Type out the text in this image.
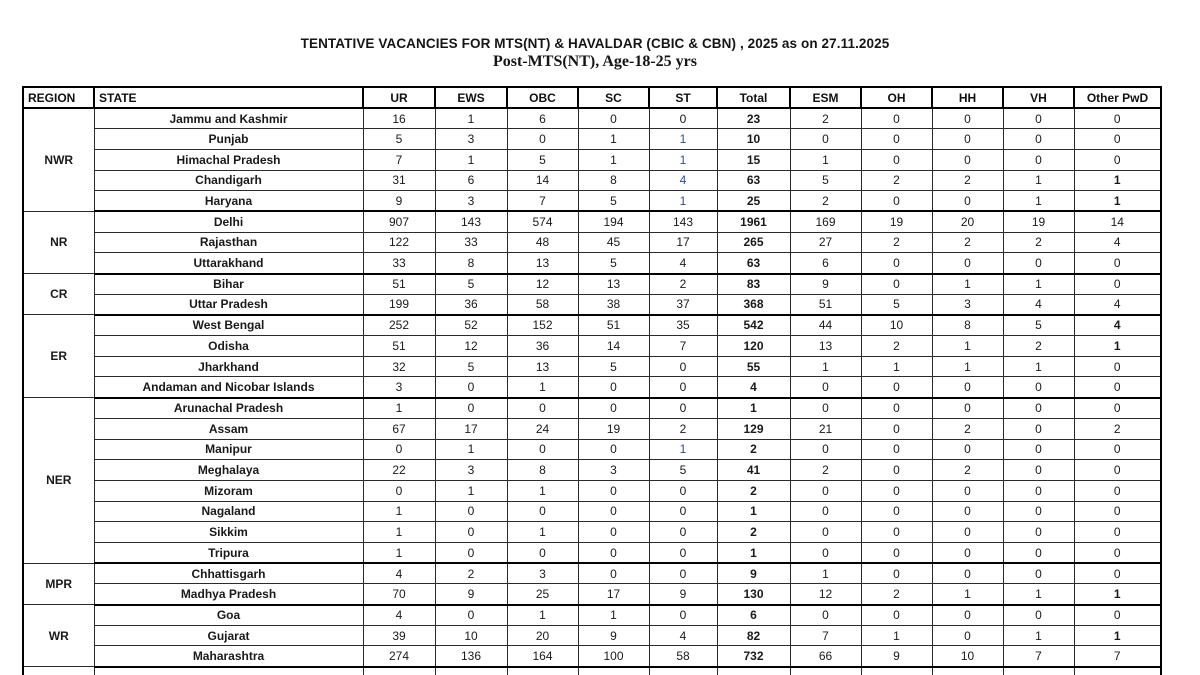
TENTATIVE VACANCIES FOR MTS(NT) & HAVALDAR (CBIC & CBN) , 2025 as on 27.11.2025
Post-MTS(NT), Age-18-25 yrs
REGION	STATE	UR	EWS	OBC	SC	ST	Total	ESM	OH	HH	VH	Other PwD
NWR	Jammu and Kashmir	16	1	6	0	0	23	2	0	0	0	0
	Punjab	5	3	0	1	1	10	0	0	0	0	0
	Himachal Pradesh	7	1	5	1	1	15	1	0	0	0	0
	Chandigarh	31	6	14	8	4	63	5	2	2	1	1
	Haryana	9	3	7	5	1	25	2	0	0	1	1
NR	Delhi	907	143	574	194	143	1961	169	19	20	19	14
	Rajasthan	122	33	48	45	17	265	27	2	2	2	4
	Uttarakhand	33	8	13	5	4	63	6	0	0	0	0
CR	Bihar	51	5	12	13	2	83	9	0	1	1	0
	Uttar Pradesh	199	36	58	38	37	368	51	5	3	4	4
ER	West Bengal	252	52	152	51	35	542	44	10	8	5	4
	Odisha	51	12	36	14	7	120	13	2	1	2	1
	Jharkhand	32	5	13	5	0	55	1	1	1	1	0
	Andaman and Nicobar Islands	3	0	1	0	0	4	0	0	0	0	0
NER	Arunachal Pradesh	1	0	0	0	0	1	0	0	0	0	0
	Assam	67	17	24	19	2	129	21	0	2	0	2
	Manipur	0	1	0	0	1	2	0	0	0	0	0
	Meghalaya	22	3	8	3	5	41	2	0	2	0	0
	Mizoram	0	1	1	0	0	2	0	0	0	0	0
	Nagaland	1	0	0	0	0	1	0	0	0	0	0
	Sikkim	1	0	1	0	0	2	0	0	0	0	0
	Tripura	1	0	0	0	0	1	0	0	0	0	0
MPR	Chhattisgarh	4	2	3	0	0	9	1	0	0	0	0
	Madhya Pradesh	70	9	25	17	9	130	12	2	1	1	1
WR	Goa	4	0	1	1	0	6	0	0	0	0	0
	Gujarat	39	10	20	9	4	82	7	1	0	1	1
	Maharashtra	274	136	164	100	58	732	66	9	10	7	7
